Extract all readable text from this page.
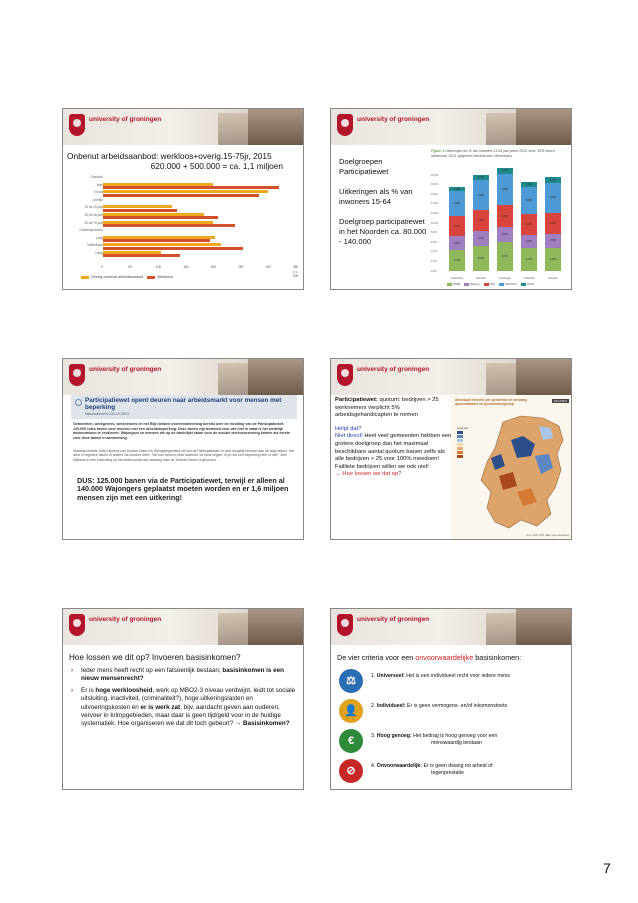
university of groningen
Onbenut arbeidsaanbod: werkloos+overig.15-75jr, 2015
620.000 + 500.000 = ca. 1,1 miljoen
Geslacht
Man
Vrouw
Leeftijd
15 tot 25 jaar
25 tot 45 jaar
45 tot 75 jaar
Onderwijsniveau
Laag
Middelbaar
Hoog
0	50	100	150	200	250	300	350
x 1 000
Overig onbenut arbeidsaanbod	Werkloos
university of groningen

Doelgroepen Participatiewet

Uitkeringen als % van inwoners 15-64

Doelgroep participatiewet in het Noorden ca. 80.000 - 140.000

Figuur 6 Uitkeringen als % van inwoners 15-64 jaar primo 2014, bron: SER Noord Nederland, 2014, gegevens bewerkt door Ventureplus
0,0%
2,0%
4,0%
6,0%
8,0%
10,0%
12,0%
14,0%
16,0%
18,0%
20,0%
4,4%
2,8%
4,2%
5,2%
0,9%
Nederland
5,3%
3,0%
4,4%
6,2%
1,1%
Noorden
6,0%
3,2%
4,5%
6,6%
1,2%
Groningen
4,7%
2,9%
4,2%
5,8%
1,0%
Friesland
4,8%
3,0%
4,3%
6,3%
1,1%
Drenthe
WWB	Wajong	WW	Wia/WAO	WSW
university of groningen
Participatiewet opent deuren naar arbeidsmarkt voor mensen met beperking
Nieuwsbericht | 03-12-2013
Gemeenten, werkgevers, werknemers en het Rijk hebben overeenstemming bereikt over de invulling van de Participatiewet: 125.000 extra banen voor mensen met een arbeidsbeperking. Deze banen zijn bestemd voor wie niet in staat is het wettelijk minimumloon te verdienen. Wajongers en mensen die op de wachtlijst staan voor de sociale werkvoorziening komen als eerste voor deze banen in aanmerking.
Staatssecretaris Jetta Klijnsma van Sociale Zaken en Werkgelegenheid wil met de Participatiewet zo veel mogelijk mensen aan de slag helpen. Het liefst in reguliere banen of anders via beschut werk. "We kan werken moet daarvoor de kans krijgen, of je nou een beperking hebt of niet", stelt Klijnsma in een toelichting op het wetsvoorstel dat vandaag naar de Tweede Kamer is gestuurd.
DUS: 125.000 banen via de Participatiewet, terwijl er alleen al 140.000 Wajongers geplaatst moeten worden en er 1,6 miljoen mensen zijn met een uitkering!
university of groningen
Participatiewet: quotum: bedrijven > 25 werknemers verplicht 5% arbeidsgehandicapten te nemen
Helpt dat?
Niet direct! Heel veel gemeenten hebben een grotere doelgroep dan het maximaal beschikbare aantal quotum banen zelfs als alle bedrijven > 25 voor 100% meedoen! Failliete bedrijven willen we ook niet!
→ Hoe lossen we dat op?
Absoluut verschil per gemeente in omvang quotumbanen en quotumdoelgroep
FIGUUR 5
Legenda
bron: CBS, UWV, SER; eigen bewerking
university of groningen
Hoe lossen we dit op? Invoeren basisinkomen?
› Ieder mens heeft recht op een fatsoenlijk bestaan; basisinkomen is een nieuw mensenrecht?
› Er is hoge werkloosheid, werk op MBO2-3 niveau verdwijnt, leidt tot sociale uitsluiting, inactiviteit, (criminaliteit?), hoge uitkeringslasten en uitvoeringskosten en er is werk zat, bijv. aandacht geven aan ouderen, vervoer in krimpgebieden, maar daar is geen tijd/geld voor in de huidige systematiek. Hoe organiseren we dat dit toch gebeurt? → Basisinkomen?
university of groningen
De vier criteria voor een onvoorwaardelijke basisinkomen:
⚖	1. Universeel: Het is een individueel recht voor iedere mens
👤	2. Individueel: Er is geen vermogens- en/of inkomenstoets
€	3. Hoog genoeg: Het bedrag is hoog genoeg voor een
menswaardig bestaan
⊘	4. Onvoorwaardelijk: Er is geen dwang tot arbeid of
tegenprestatie
7
